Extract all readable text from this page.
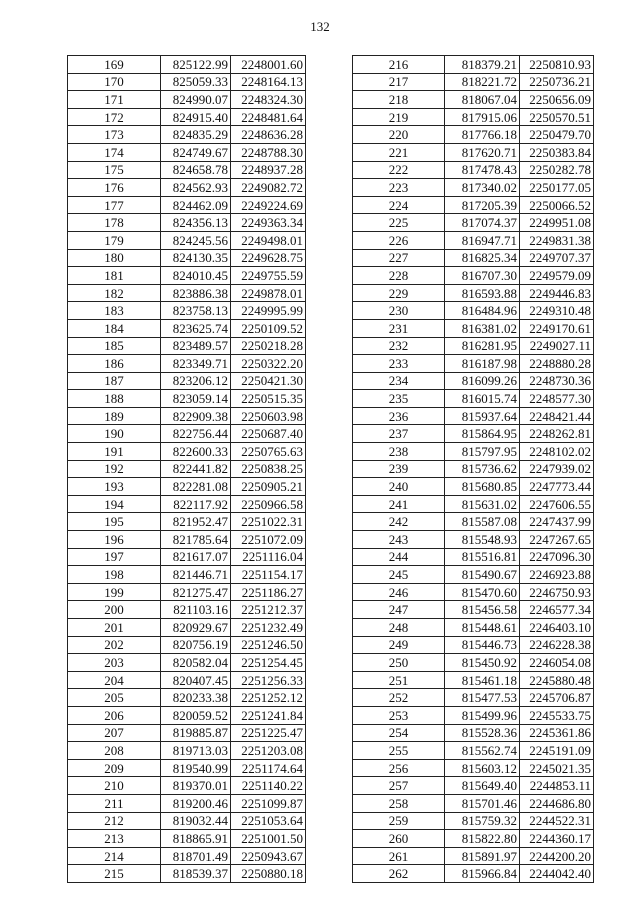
132
169	825122.99	2248001.60
170	825059.33	2248164.13
171	824990.07	2248324.30
172	824915.40	2248481.64
173	824835.29	2248636.28
174	824749.67	2248788.30
175	824658.78	2248937.28
176	824562.93	2249082.72
177	824462.09	2249224.69
178	824356.13	2249363.34
179	824245.56	2249498.01
180	824130.35	2249628.75
181	824010.45	2249755.59
182	823886.38	2249878.01
183	823758.13	2249995.99
184	823625.74	2250109.52
185	823489.57	2250218.28
186	823349.71	2250322.20
187	823206.12	2250421.30
188	823059.14	2250515.35
189	822909.38	2250603.98
190	822756.44	2250687.40
191	822600.33	2250765.63
192	822441.82	2250838.25
193	822281.08	2250905.21
194	822117.92	2250966.58
195	821952.47	2251022.31
196	821785.64	2251072.09
197	821617.07	2251116.04
198	821446.71	2251154.17
199	821275.47	2251186.27
200	821103.16	2251212.37
201	820929.67	2251232.49
202	820756.19	2251246.50
203	820582.04	2251254.45
204	820407.45	2251256.33
205	820233.38	2251252.12
206	820059.52	2251241.84
207	819885.87	2251225.47
208	819713.03	2251203.08
209	819540.99	2251174.64
210	819370.01	2251140.22
211	819200.46	2251099.87
212	819032.44	2251053.64
213	818865.91	2251001.50
214	818701.49	2250943.67
215	818539.37	2250880.18
216	818379.21	2250810.93
217	818221.72	2250736.21
218	818067.04	2250656.09
219	817915.06	2250570.51
220	817766.18	2250479.70
221	817620.71	2250383.84
222	817478.43	2250282.78
223	817340.02	2250177.05
224	817205.39	2250066.52
225	817074.37	2249951.08
226	816947.71	2249831.38
227	816825.34	2249707.37
228	816707.30	2249579.09
229	816593.88	2249446.83
230	816484.96	2249310.48
231	816381.02	2249170.61
232	816281.95	2249027.11
233	816187.98	2248880.28
234	816099.26	2248730.36
235	816015.74	2248577.30
236	815937.64	2248421.44
237	815864.95	2248262.81
238	815797.95	2248102.02
239	815736.62	2247939.02
240	815680.85	2247773.44
241	815631.02	2247606.55
242	815587.08	2247437.99
243	815548.93	2247267.65
244	815516.81	2247096.30
245	815490.67	2246923.88
246	815470.60	2246750.93
247	815456.58	2246577.34
248	815448.61	2246403.10
249	815446.73	2246228.38
250	815450.92	2246054.08
251	815461.18	2245880.48
252	815477.53	2245706.87
253	815499.96	2245533.75
254	815528.36	2245361.86
255	815562.74	2245191.09
256	815603.12	2245021.35
257	815649.40	2244853.11
258	815701.46	2244686.80
259	815759.32	2244522.31
260	815822.80	2244360.17
261	815891.97	2244200.20
262	815966.84	2244042.40
